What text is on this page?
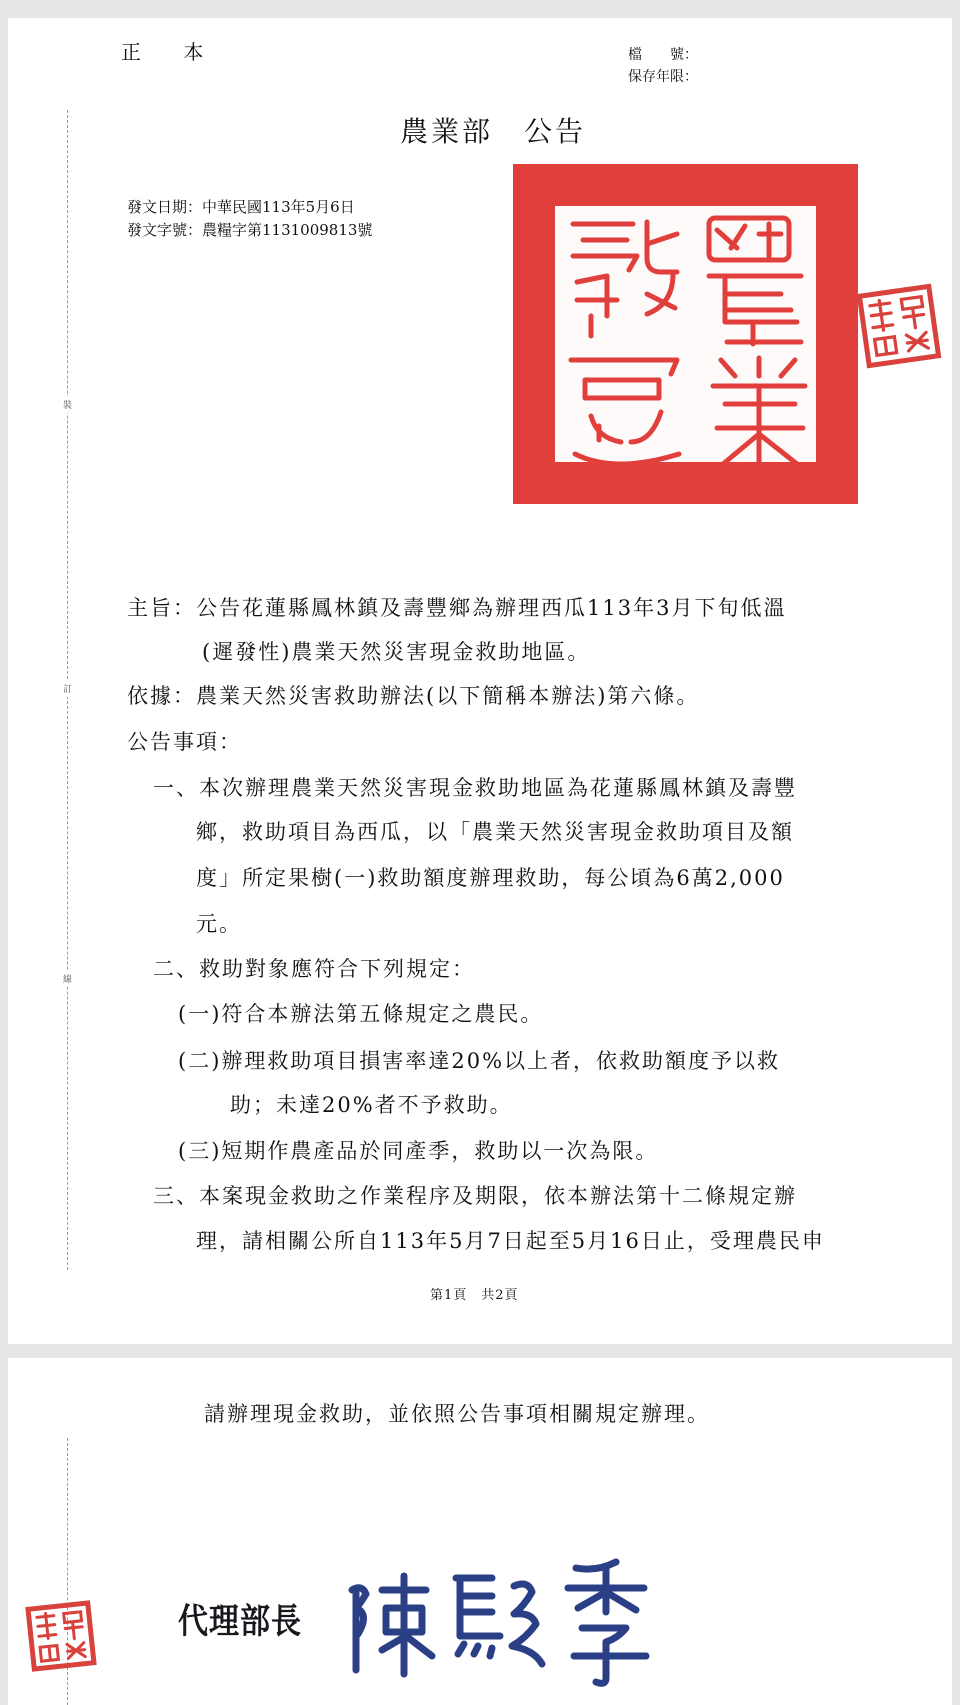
裝
訂
線

正 本	檔　　號：
保存年限：
農業部　公告
發文日期：中華民國113年5月6日
發文字號：農糧字第1131009813號

主旨：公告花蓮縣鳳林鎮及壽豐鄉為辦理西瓜113年3月下旬低溫

(遲發性)農業天然災害現金救助地區。

依據：農業天然災害救助辦法(以下簡稱本辦法)第六條。

公告事項：

一、本次辦理農業天然災害現金救助地區為花蓮縣鳳林鎮及壽豐

鄉，救助項目為西瓜，以「農業天然災害現金救助項目及額

度」所定果樹(一)救助額度辦理救助，每公頃為6萬2,000

元。

二、救助對象應符合下列規定：

(一)符合本辦法第五條規定之農民。

(二)辦理救助項目損害率達20%以上者，依救助額度予以救

助；未達20%者不予救助。

(三)短期作農產品於同產季，救助以一次為限。

三、本案現金救助之作業程序及期限，依本辦法第十二條規定辦

理，請相關公所自113年5月7日起至5月16日止，受理農民申

第1頁　共2頁

請辦理現金救助，並依照公告事項相關規定辦理。

代理部長
